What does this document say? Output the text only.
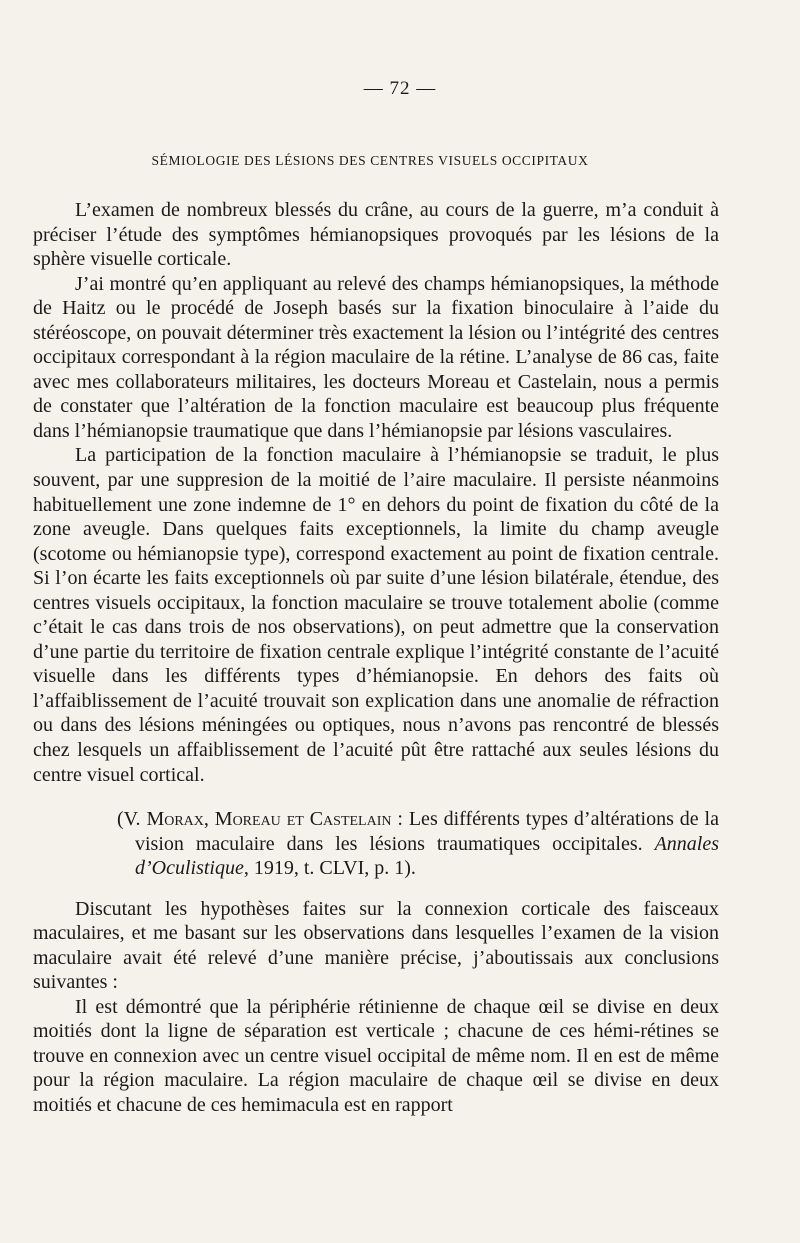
— 72 —
SÉMIOLOGIE DES LÉSIONS DES CENTRES VISUELS OCCIPITAUX

L’examen de nombreux blessés du crâne, au cours de la guerre, m’a conduit à préciser l’étude des symptômes hémianopsiques provoqués par les lésions de la sphère visuelle corticale.

J’ai montré qu’en appliquant au relevé des champs hémianopsiques, la méthode de Haitz ou le procédé de Joseph basés sur la fixation binoculaire à l’aide du stéréoscope, on pouvait déterminer très exactement la lésion ou l’intégrité des centres occipitaux correspondant à la région maculaire de la rétine. L’analyse de 86 cas, faite avec mes collaborateurs militaires, les docteurs Moreau et Castelain, nous a permis de constater que l’altération de la fonction maculaire est beaucoup plus fréquente dans l’hémianopsie traumatique que dans l’hémianopsie par lésions vasculaires.

La participation de la fonction maculaire à l’hémianopsie se traduit, le plus souvent, par une suppresion de la moitié de l’aire maculaire. Il persiste néanmoins habituellement une zone indemne de 1° en dehors du point de fixation du côté de la zone aveugle. Dans quelques faits exceptionnels, la limite du champ aveugle (scotome ou hémianopsie type), correspond exactement au point de fixation centrale. Si l’on écarte les faits exceptionnels où par suite d’une lésion bilatérale, étendue, des centres visuels occipitaux, la fonction maculaire se trouve totalement abolie (comme c’était le cas dans trois de nos observations), on peut admettre que la conservation d’une partie du territoire de fixation centrale explique l’intégrité constante de l’acuité visuelle dans les différents types d’hémianopsie. En dehors des faits où l’affaiblissement de l’acuité trouvait son explication dans une anomalie de réfraction ou dans des lésions méningées ou optiques, nous n’avons pas rencontré de blessés chez lesquels un affaiblissement de l’acuité pût être rattaché aux seules lésions du centre visuel cortical.

(V. Morax, Moreau et Castelain : Les différents types d’altérations de la vision maculaire dans les lésions traumatiques occipitales. Annales d’Oculistique, 1919, t. CLVI, p. 1).

Discutant les hypothèses faites sur la connexion corticale des faisceaux maculaires, et me basant sur les observations dans lesquelles l’examen de la vision maculaire avait été relevé d’une manière précise, j’aboutissais aux conclusions suivantes :

Il est démontré que la périphérie rétinienne de chaque œil se divise en deux moitiés dont la ligne de séparation est verticale ; chacune de ces hémi-rétines se trouve en connexion avec un centre visuel occipital de même nom. Il en est de même pour la région maculaire. La région maculaire de chaque œil se divise en deux moitiés et chacune de ces hemimacula est en rapport
